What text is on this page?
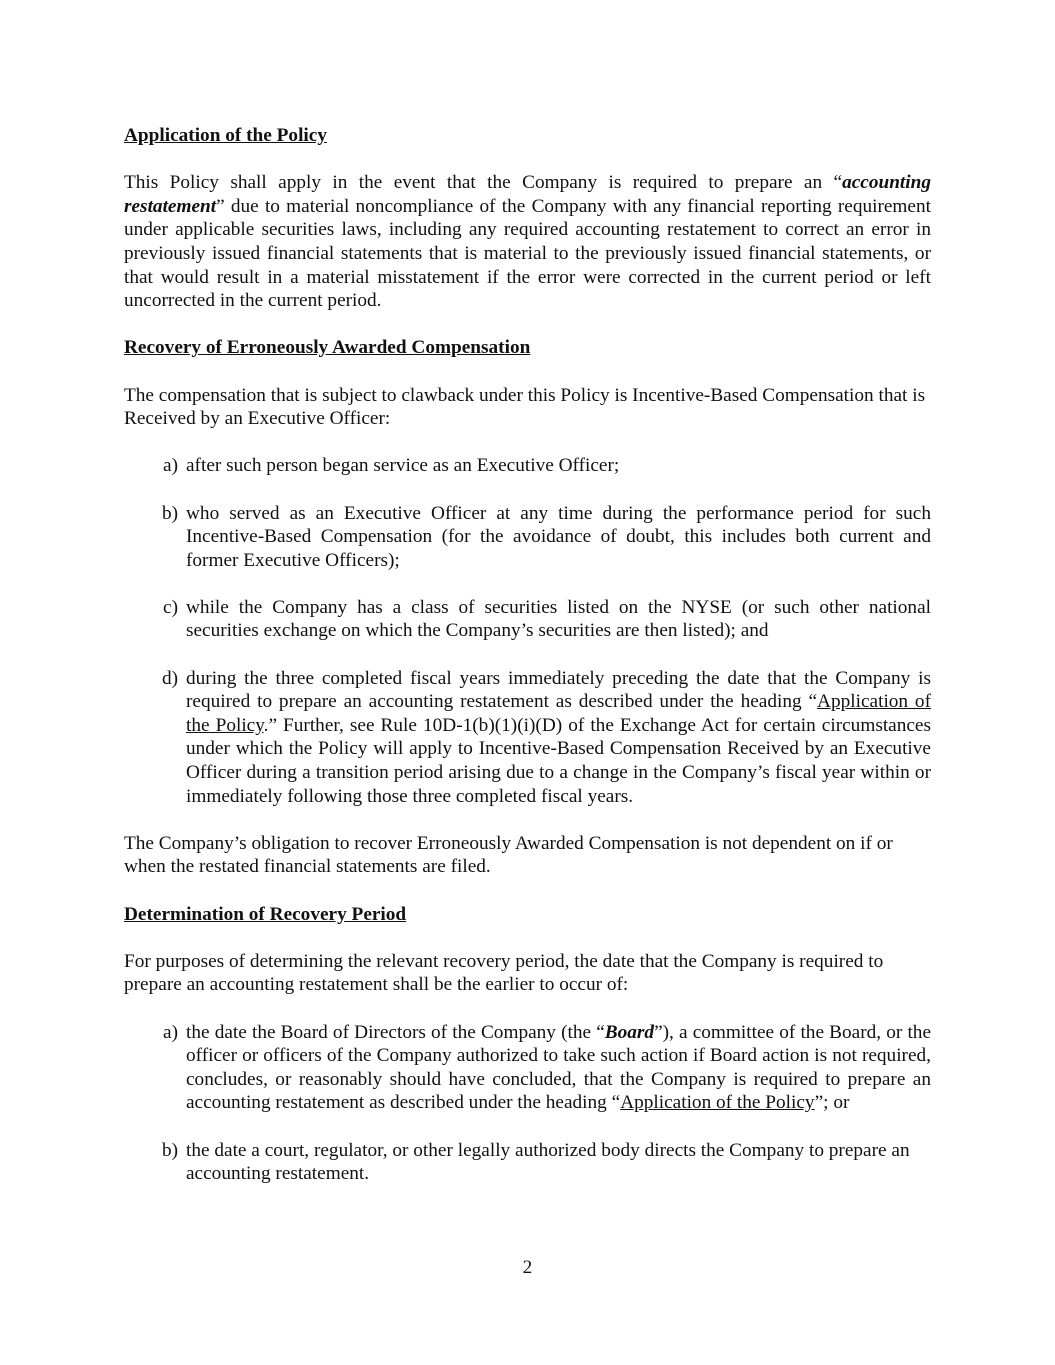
Application of the Policy
This Policy shall apply in the event that the Company is required to prepare an “accounting restatement” due to material noncompliance of the Company with any financial reporting requirement under applicable securities laws, including any required accounting restatement to correct an error in previously issued financial statements that is material to the previously issued financial statements, or that would result in a material misstatement if the error were corrected in the current period or left uncorrected in the current period.
Recovery of Erroneously Awarded Compensation
The compensation that is subject to clawback under this Policy is Incentive-Based Compensation that is Received by an Executive Officer:
a) after such person began service as an Executive Officer;
b) who served as an Executive Officer at any time during the performance period for such Incentive-Based Compensation (for the avoidance of doubt, this includes both current and former Executive Officers);
c) while the Company has a class of securities listed on the NYSE (or such other national securities exchange on which the Company’s securities are then listed); and
d) during the three completed fiscal years immediately preceding the date that the Company is required to prepare an accounting restatement as described under the heading “Application of the Policy.” Further, see Rule 10D-1(b)(1)(i)(D) of the Exchange Act for certain circumstances under which the Policy will apply to Incentive-Based Compensation Received by an Executive Officer during a transition period arising due to a change in the Company’s fiscal year within or immediately following those three completed fiscal years.
The Company’s obligation to recover Erroneously Awarded Compensation is not dependent on if or when the restated financial statements are filed.
Determination of Recovery Period
For purposes of determining the relevant recovery period, the date that the Company is required to prepare an accounting restatement shall be the earlier to occur of:
a) the date the Board of Directors of the Company (the “Board”), a committee of the Board, or the officer or officers of the Company authorized to take such action if Board action is not required, concludes, or reasonably should have concluded, that the Company is required to prepare an accounting restatement as described under the heading “Application of the Policy”; or
b) the date a court, regulator, or other legally authorized body directs the Company to prepare an accounting restatement.
2
